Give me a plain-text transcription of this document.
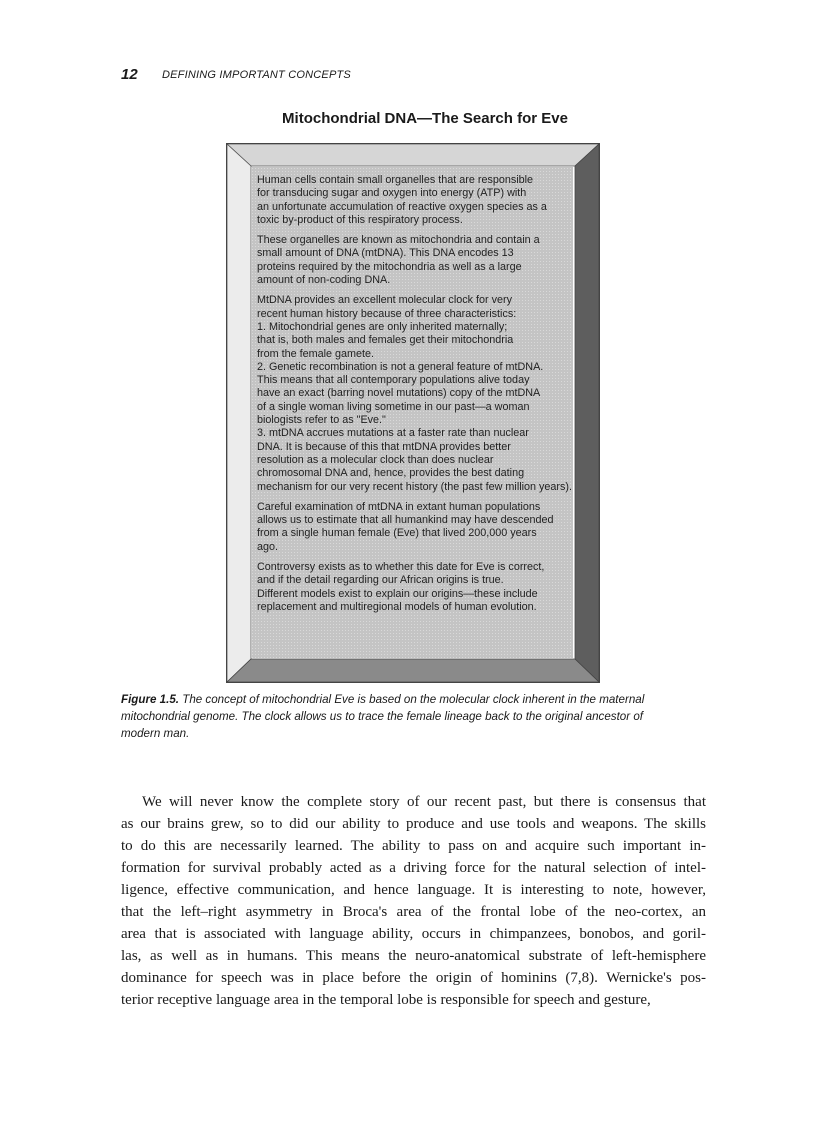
12 DEFINING IMPORTANT CONCEPTS
Mitochondrial DNA—The Search for Eve

Human cells contain small organelles that are responsible
for transducing sugar and oxygen into energy (ATP) with
an unfortunate accumulation of reactive oxygen species as a
toxic by-product of this respiratory process.

These organelles are known as mitochondria and contain a
small amount of DNA (mtDNA). This DNA encodes 13
proteins required by the mitochondria as well as a large
amount of non-coding DNA.

MtDNA provides an excellent molecular clock for very
recent human history because of three characteristics:
1. Mitochondrial genes are only inherited maternally;
that is, both males and females get their mitochondria
from the female gamete.
2. Genetic recombination is not a general feature of mtDNA.
This means that all contemporary populations alive today
have an exact (barring novel mutations) copy of the mtDNA
of a single woman living sometime in our past—a woman
biologists refer to as "Eve."
3. mtDNA accrues mutations at a faster rate than nuclear
DNA. It is because of this that mtDNA provides better
resolution as a molecular clock than does nuclear
chromosomal DNA and, hence, provides the best dating
mechanism for our very recent history (the past few million years).

Careful examination of mtDNA in extant human populations
allows us to estimate that all humankind may have descended
from a single human female (Eve) that lived 200,000 years
ago.

Controversy exists as to whether this date for Eve is correct,
and if the detail regarding our African origins is true.
Different models exist to explain our origins—these include
replacement and multiregional models of human evolution.

Figure 1.5. The concept of mitochondrial Eve is based on the molecular clock inherent in the maternal
mitochondrial genome. The clock allows us to trace the female lineage back to the original ancestor of
modern man.
We will never know the complete story of our recent past, but there is consensus that
as our brains grew, so to did our ability to produce and use tools and weapons. The skills
to do this are necessarily learned. The ability to pass on and acquire such important in-
formation for survival probably acted as a driving force for the natural selection of intel-
ligence, effective communication, and hence language. It is interesting to note, however,
that the left–right asymmetry in Broca's area of the frontal lobe of the neo-cortex, an
area that is associated with language ability, occurs in chimpanzees, bonobos, and goril-
las, as well as in humans. This means the neuro-anatomical substrate of left-hemisphere
dominance for speech was in place before the origin of hominins (7,8). Wernicke's pos-
terior receptive language area in the temporal lobe is responsible for speech and gesture,
